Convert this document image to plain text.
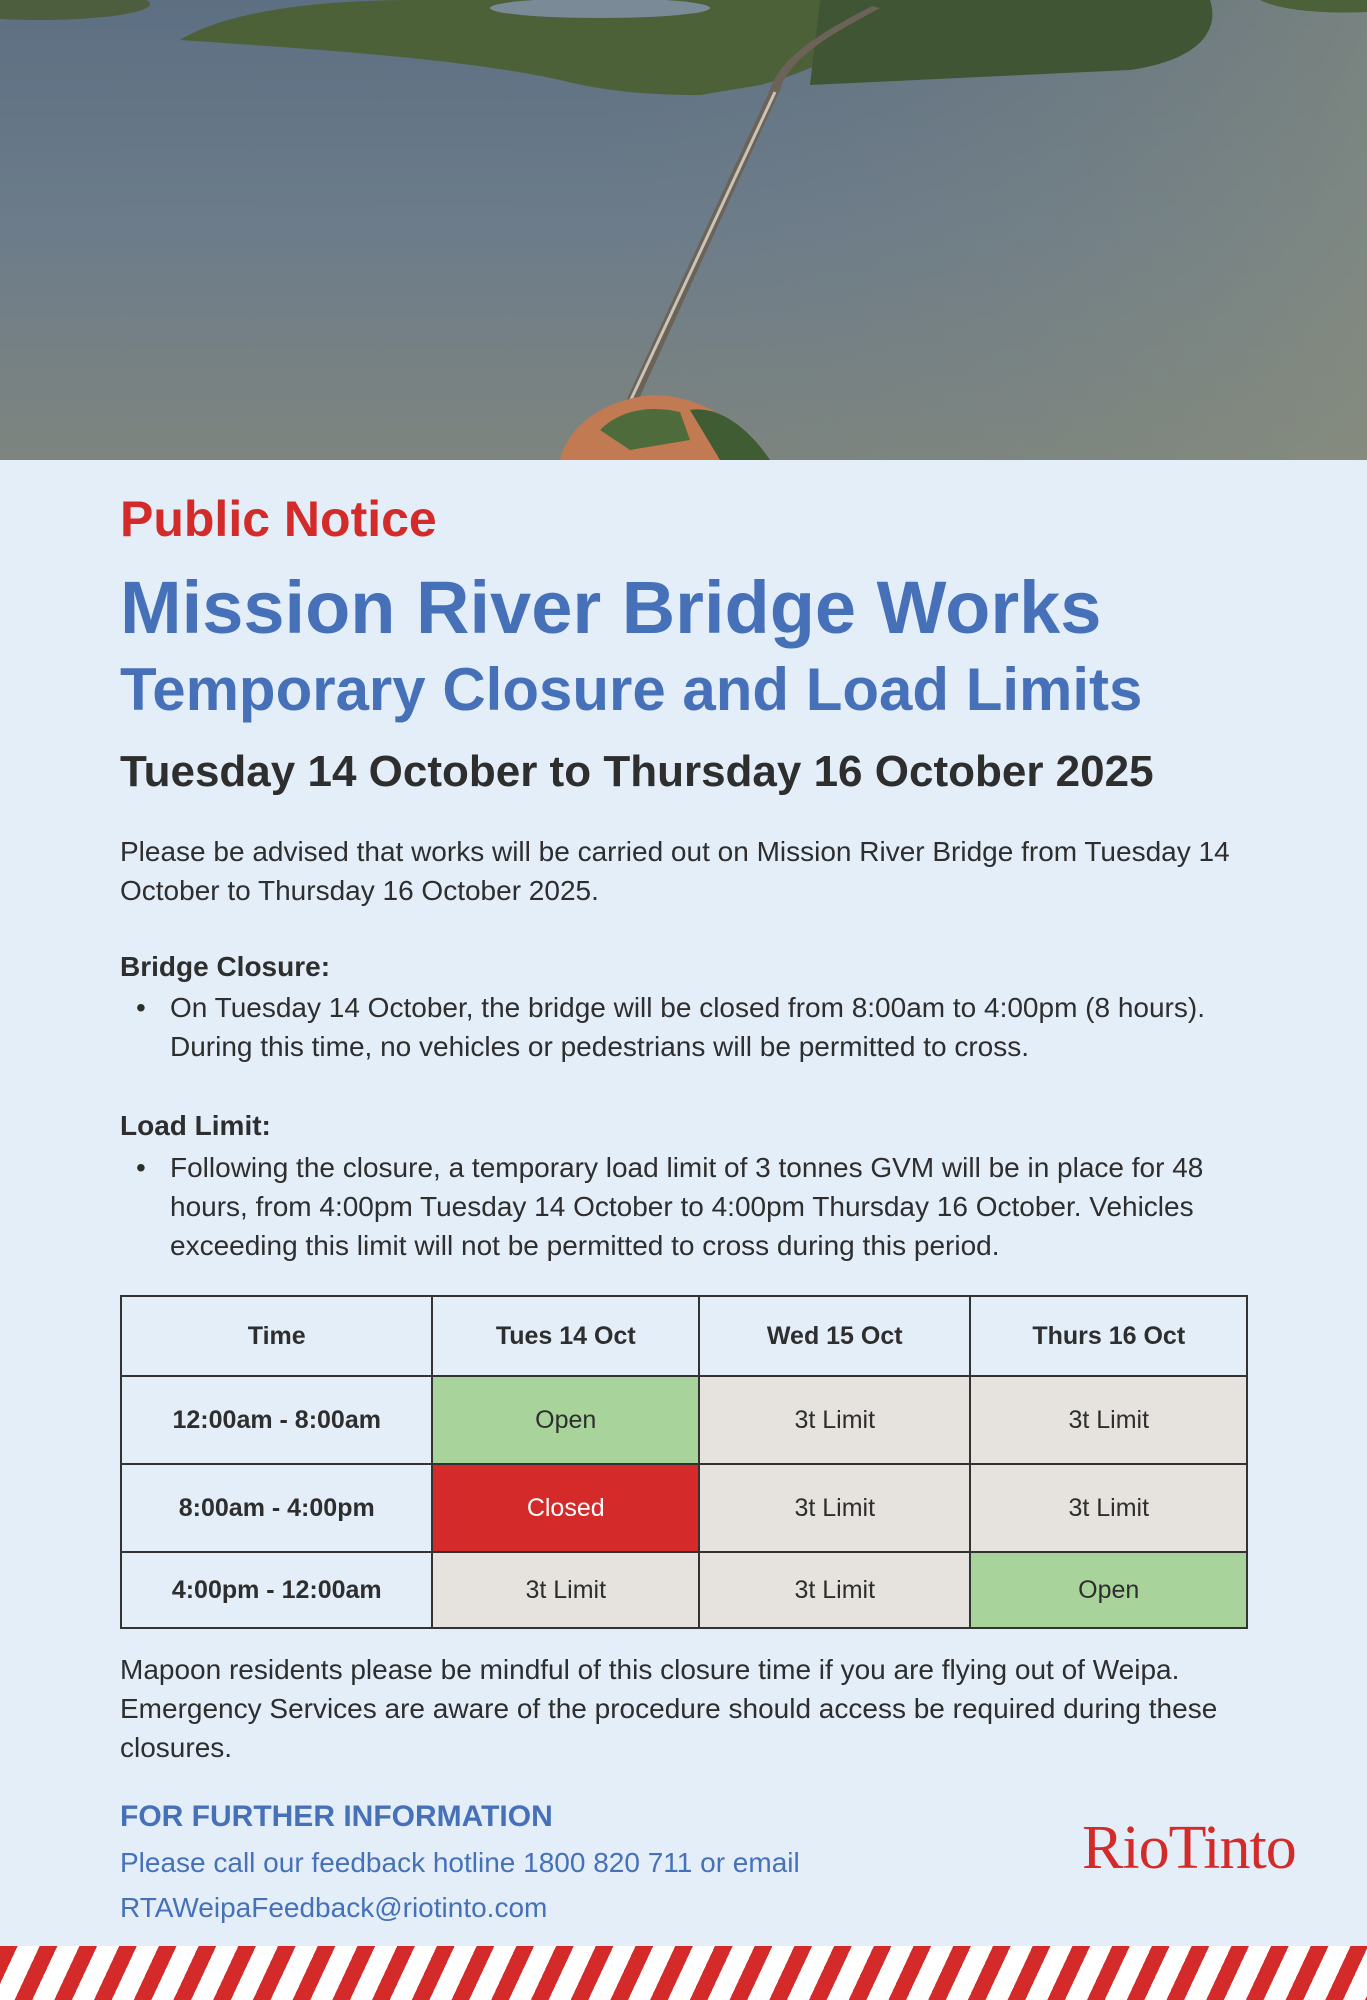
Public Notice
Mission River Bridge Works
Temporary Closure and Load Limits
Tuesday 14 October to Thursday 16 October 2025
Please be advised that works will be carried out on Mission River Bridge from Tuesday 14 October to Thursday 16 October 2025.
Bridge Closure:
• On Tuesday 14 October, the bridge will be closed from 8:00am to 4:00pm (8 hours). During this time, no vehicles or pedestrians will be permitted to cross.
Load Limit:
• Following the closure, a temporary load limit of 3 tonnes GVM will be in place for 48 hours, from 4:00pm Tuesday 14 October to 4:00pm Thursday 16 October. Vehicles exceeding this limit will not be permitted to cross during this period.
Time	Tues 14 Oct	Wed 15 Oct	Thurs 16 Oct
12:00am - 8:00am	Open	3t Limit	3t Limit
8:00am - 4:00pm	Closed	3t Limit	3t Limit
4:00pm - 12:00am	3t Limit	3t Limit	Open
Mapoon residents please be mindful of this closure time if you are flying out of Weipa. Emergency Services are aware of the procedure should access be required during these closures.
FOR FURTHER INFORMATION
Please call our feedback hotline 1800 820 711 or email
RTAWeipaFeedback@riotinto.com
RioTinto
